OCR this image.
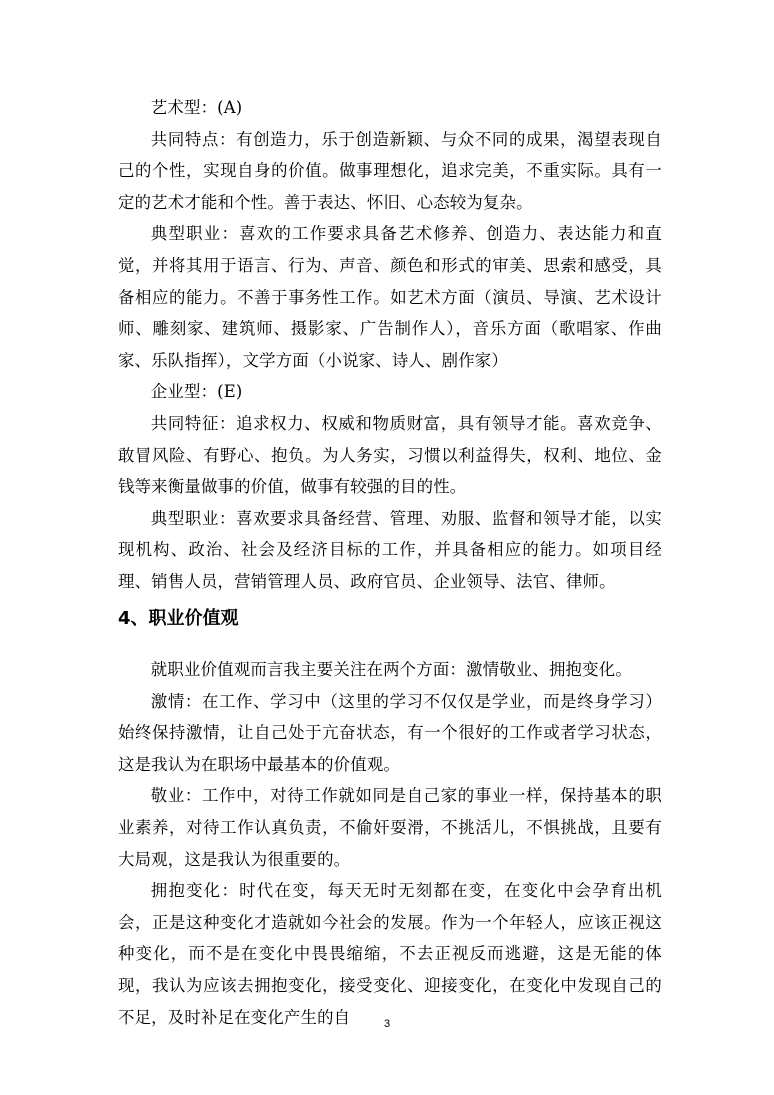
艺术型：(A)

共同特点：有创造力，乐于创造新颖、与众不同的成果，渴望表现自己的个性，实现自身的价值。做事理想化，追求完美，不重实际。具有一定的艺术才能和个性。善于表达、怀旧、心态较为复杂。

典型职业：喜欢的工作要求具备艺术修养、创造力、表达能力和直觉，并将其用于语言、行为、声音、颜色和形式的审美、思索和感受，具备相应的能力。不善于事务性工作。如艺术方面（演员、导演、艺术设计师、雕刻家、建筑师、摄影家、广告制作人），音乐方面（歌唱家、作曲家、乐队指挥），文学方面（小说家、诗人、剧作家）

企业型：(E)

共同特征：追求权力、权威和物质财富，具有领导才能。喜欢竞争、敢冒风险、有野心、抱负。为人务实，习惯以利益得失，权利、地位、金钱等来衡量做事的价值，做事有较强的目的性。

典型职业：喜欢要求具备经营、管理、劝服、监督和领导才能，以实现机构、政治、社会及经济目标的工作，并具备相应的能力。如项目经理、销售人员，营销管理人员、政府官员、企业领导、法官、律师。

4、职业价值观

就职业价值观而言我主要关注在两个方面：激情敬业、拥抱变化。

激情：在工作、学习中（这里的学习不仅仅是学业，而是终身学习）始终保持激情，让自己处于亢奋状态，有一个很好的工作或者学习状态，这是我认为在职场中最基本的价值观。

敬业：工作中，对待工作就如同是自己家的事业一样，保持基本的职业素养，对待工作认真负责，不偷奸耍滑，不挑活儿，不惧挑战，且要有大局观，这是我认为很重要的。

拥抱变化：时代在变，每天无时无刻都在变，在变化中会孕育出机会，正是这种变化才造就如今社会的发展。作为一个年轻人，应该正视这种变化，而不是在变化中畏畏缩缩，不去正视反而逃避，这是无能的体现，我认为应该去拥抱变化，接受变化、迎接变化，在变化中发现自己的不足，及时补足在变化产生的自	3
